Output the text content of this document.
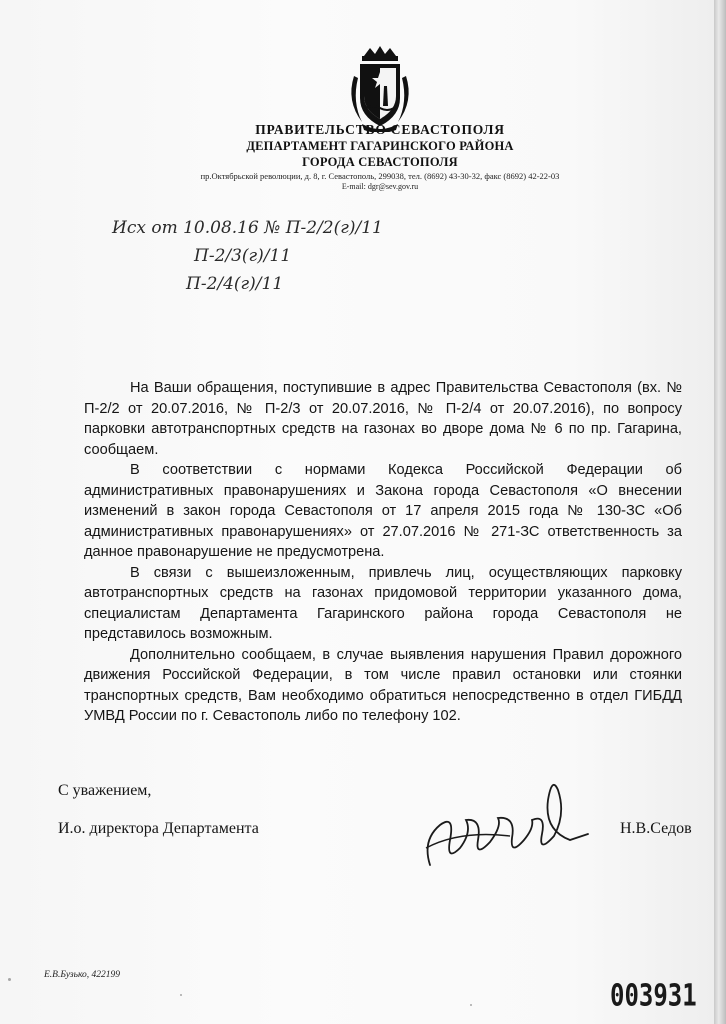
ПРАВИТЕЛЬСТВО СЕВАСТОПОЛЯ
ДЕПАРТАМЕНТ ГАГАРИНСКОГО РАЙОНА
ГОРОДА СЕВАСТОПОЛЯ
пр.Октябрьской революции, д. 8, г. Севастополь, 299038, тел. (8692) 43-30-32, факс (8692) 42-22-03
E-mail: dgr@sev.gov.ru
Исх от 10.08.16 № П-2/2(г)/11
П-2/3(г)/11
П-2/4(г)/11

На Ваши обращения, поступившие в адрес Правительства Севастополя (вх. № П-2/2 от 20.07.2016, № П-2/3 от 20.07.2016, № П-2/4 от 20.07.2016), по вопросу парковки автотранспортных средств на газонах во дворе дома № 6 по пр. Гагарина, сообщаем.

В соответствии с нормами Кодекса Российской Федерации об административных правонарушениях и Закона города Севастополя «О внесении изменений в закон города Севастополя от 17 апреля 2015 года № 130-ЗС «Об административных правонарушениях» от 27.07.2016 № 271-ЗС ответственность за данное правонарушение не предусмотрена.

В связи с вышеизложенным, привлечь лиц, осуществляющих парковку автотранспортных средств на газонах придомовой территории указанного дома, специалистам Департамента Гагаринского района города Севастополя не представилось возможным.

Дополнительно сообщаем, в случае выявления нарушения Правил дорожного движения Российской Федерации, в том числе правил остановки или стоянки транспортных средств, Вам необходимо обратиться непосредственно в отдел ГИБДД УМВД России по г. Севастополь либо по телефону 102.

С уважением,
И.о. директора Департамента	Н.В.Седов
Е.В.Бузько, 422199
003931
